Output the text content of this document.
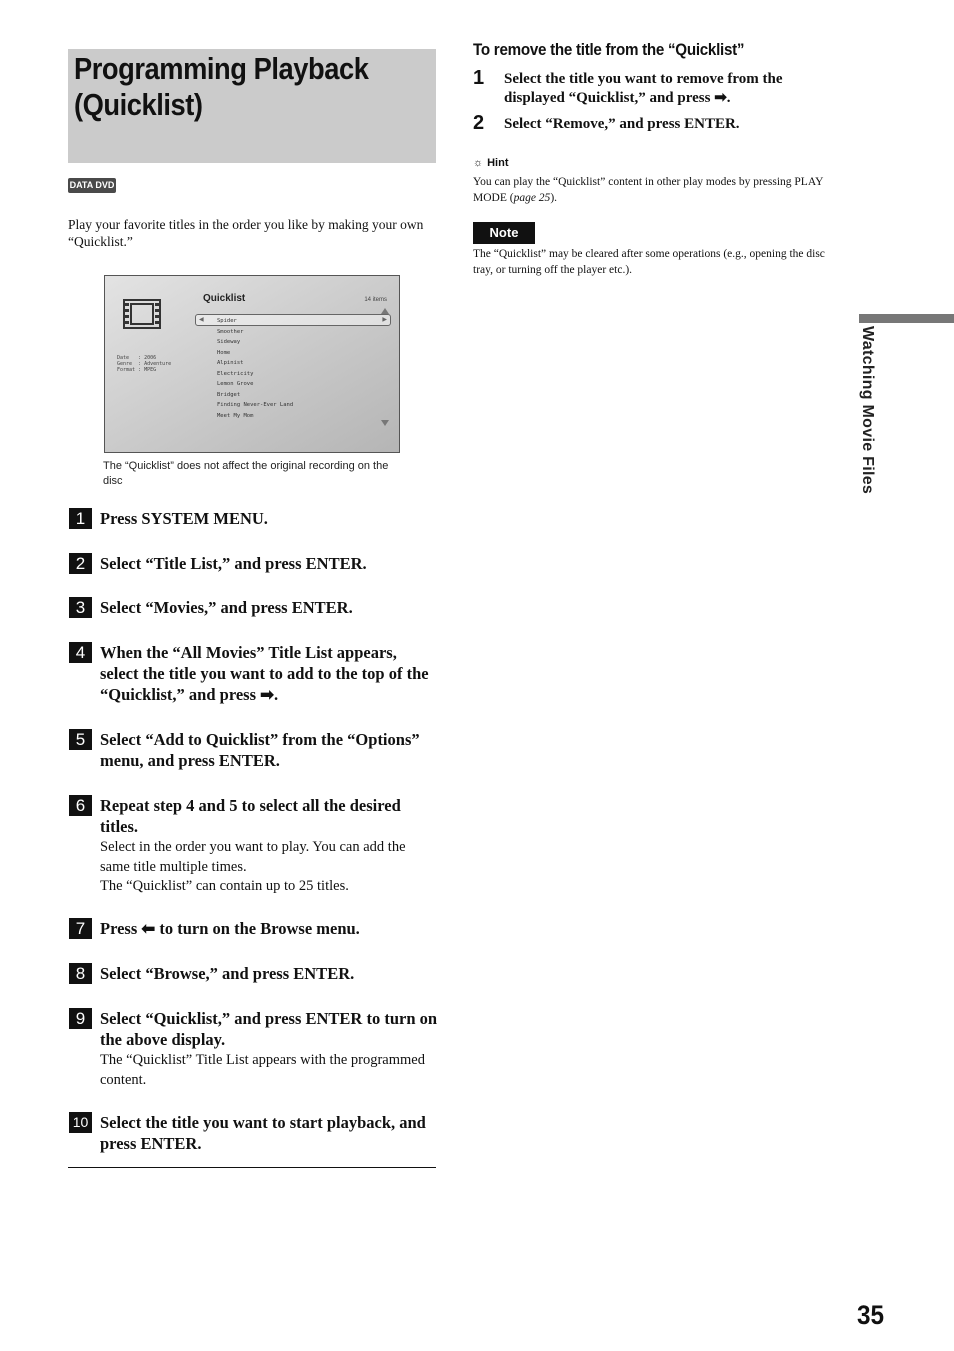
Programming Playback
(Quicklist)
DATA DVD

Play your favorite titles in the order you like by making your own “Quicklist.”

Quicklist	14 items
Date   : 2006
Genre  : Adventure
Format : MPEG
◀	▶
Spider
Smoother
Sideway
Home
Alpinist
Electricity
Lemon Grove
Bridget
Finding Never-Ever Land
Meet My Mom

The “Quicklist” does not affect the original recording on the disc

1 Press SYSTEM MENU.
2 Select “Title List,” and press ENTER.
3 Select “Movies,” and press ENTER.
4 When the “All Movies” Title List appears, select the title you want to add to the top of the “Quicklist,” and press ➡.
5 Select “Add to Quicklist” from the “Options” menu, and press ENTER.
6 Repeat step 4 and 5 to select all the desired titles.
Select in the order you want to play. You can add the same title multiple times.
The “Quicklist” can contain up to 25 titles.
7 Press ⬅ to turn on the Browse menu.
8 Select “Browse,” and press ENTER.
9 Select “Quicklist,” and press ENTER to turn on the above display.
The “Quicklist” Title List appears with the programmed content.
10 Select the title you want to start playback, and press ENTER.
To remove the title from the “Quicklist”
1 Select the title you want to remove from the displayed “Quicklist,” and press ➡.
2 Select “Remove,” and press ENTER.
☼ Hint

You can play the “Quicklist” content in other play modes by pressing PLAY MODE (page 25).

Note

The “Quicklist” may be cleared after some operations (e.g., opening the disc tray, or turning off the player etc.).

Watching Movie Files
35
